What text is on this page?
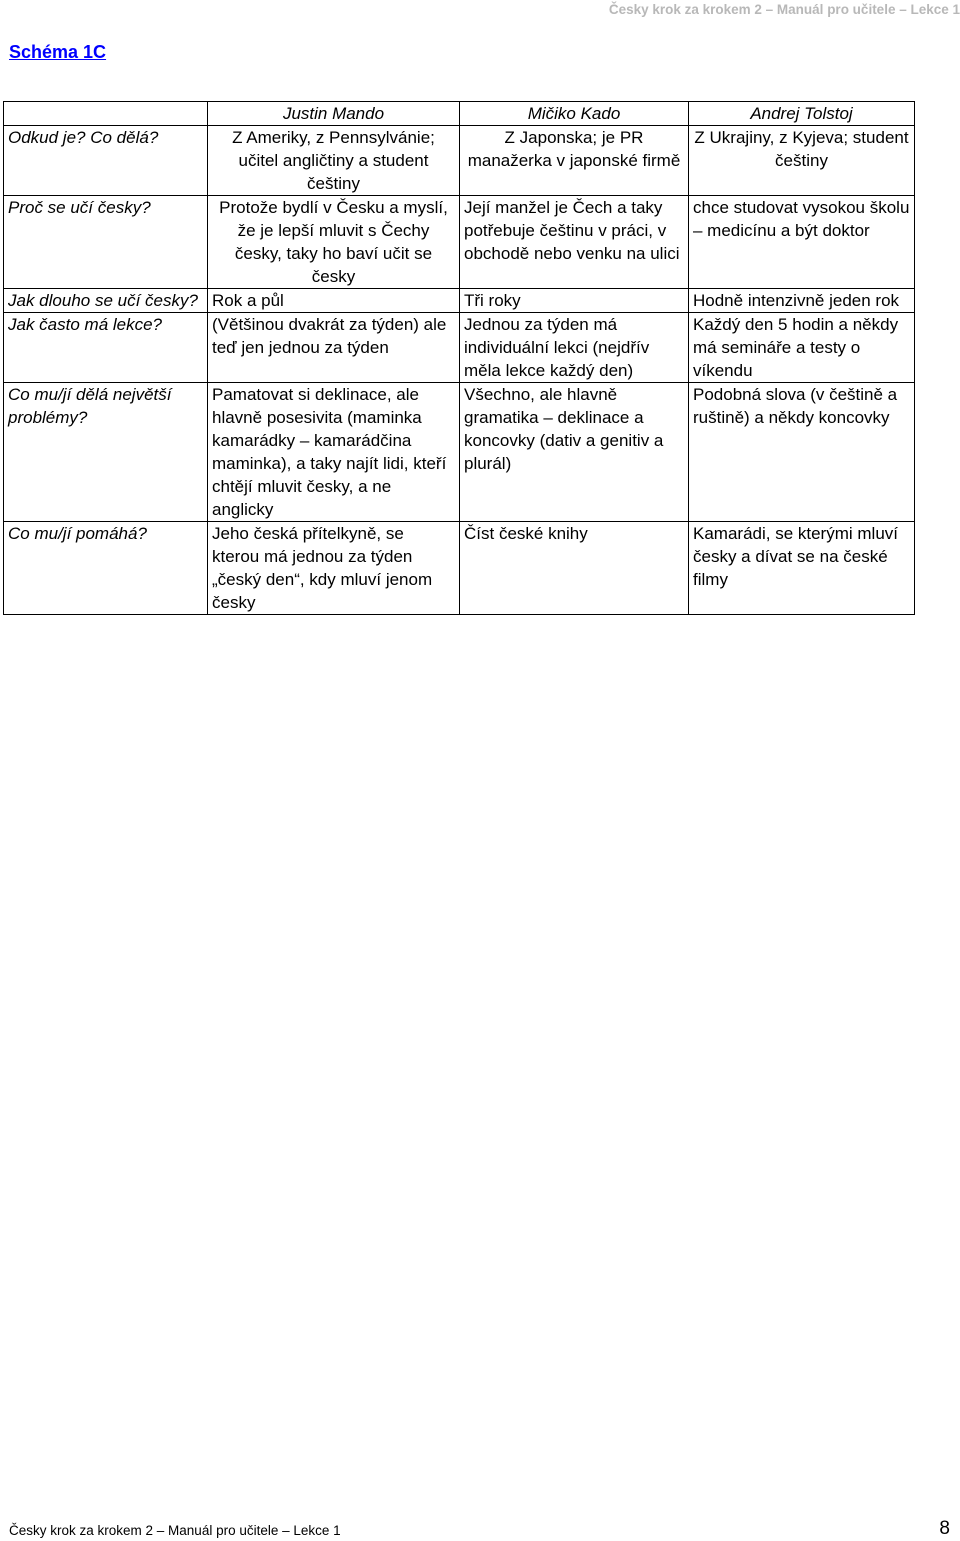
Česky krok za krokem 2 – Manuál pro učitele – Lekce 1
Schéma 1C
	Justin Mando	Mičiko Kado	Andrej Tolstoj
Odkud je? Co dělá?	Z Ameriky, z Pennsylvánie; učitel angličtiny a student češtiny	Z Japonska; je PR manažerka v japonské firmě	Z Ukrajiny, z Kyjeva; student češtiny
Proč se učí česky?	Protože bydlí v Česku a myslí, že je lepší mluvit s Čechy česky, taky ho baví učit se česky	Její manžel je Čech a taky potřebuje češtinu v práci, v obchodě nebo venku na ulici	chce studovat vysokou školu – medicínu a být doktor
Jak dlouho se učí česky?	Rok a půl	Tři roky	Hodně intenzivně jeden rok
Jak často má lekce?	(Většinou dvakrát za týden) ale teď jen jednou za týden	Jednou za týden má individuální lekci (nejdřív měla lekce každý den)	Každý den 5 hodin a někdy má semináře a testy o víkendu
Co mu/jí dělá největší problémy?	Pamatovat si deklinace, ale hlavně posesivita (maminka kamarádky – kamarádčina maminka), a taky najít lidi, kteří chtějí mluvit česky, a ne anglicky	Všechno, ale hlavně gramatika – deklinace a koncovky (dativ a genitiv a plurál)	Podobná slova (v češtině a ruštině) a někdy koncovky
Co mu/jí pomáhá?	Jeho česká přítelkyně, se kterou má jednou za týden „český den“, kdy mluví jenom česky	Číst české knihy	Kamarádi, se kterými mluví česky a dívat se na české filmy
Česky krok za krokem 2 – Manuál pro učitele – Lekce 1	8
